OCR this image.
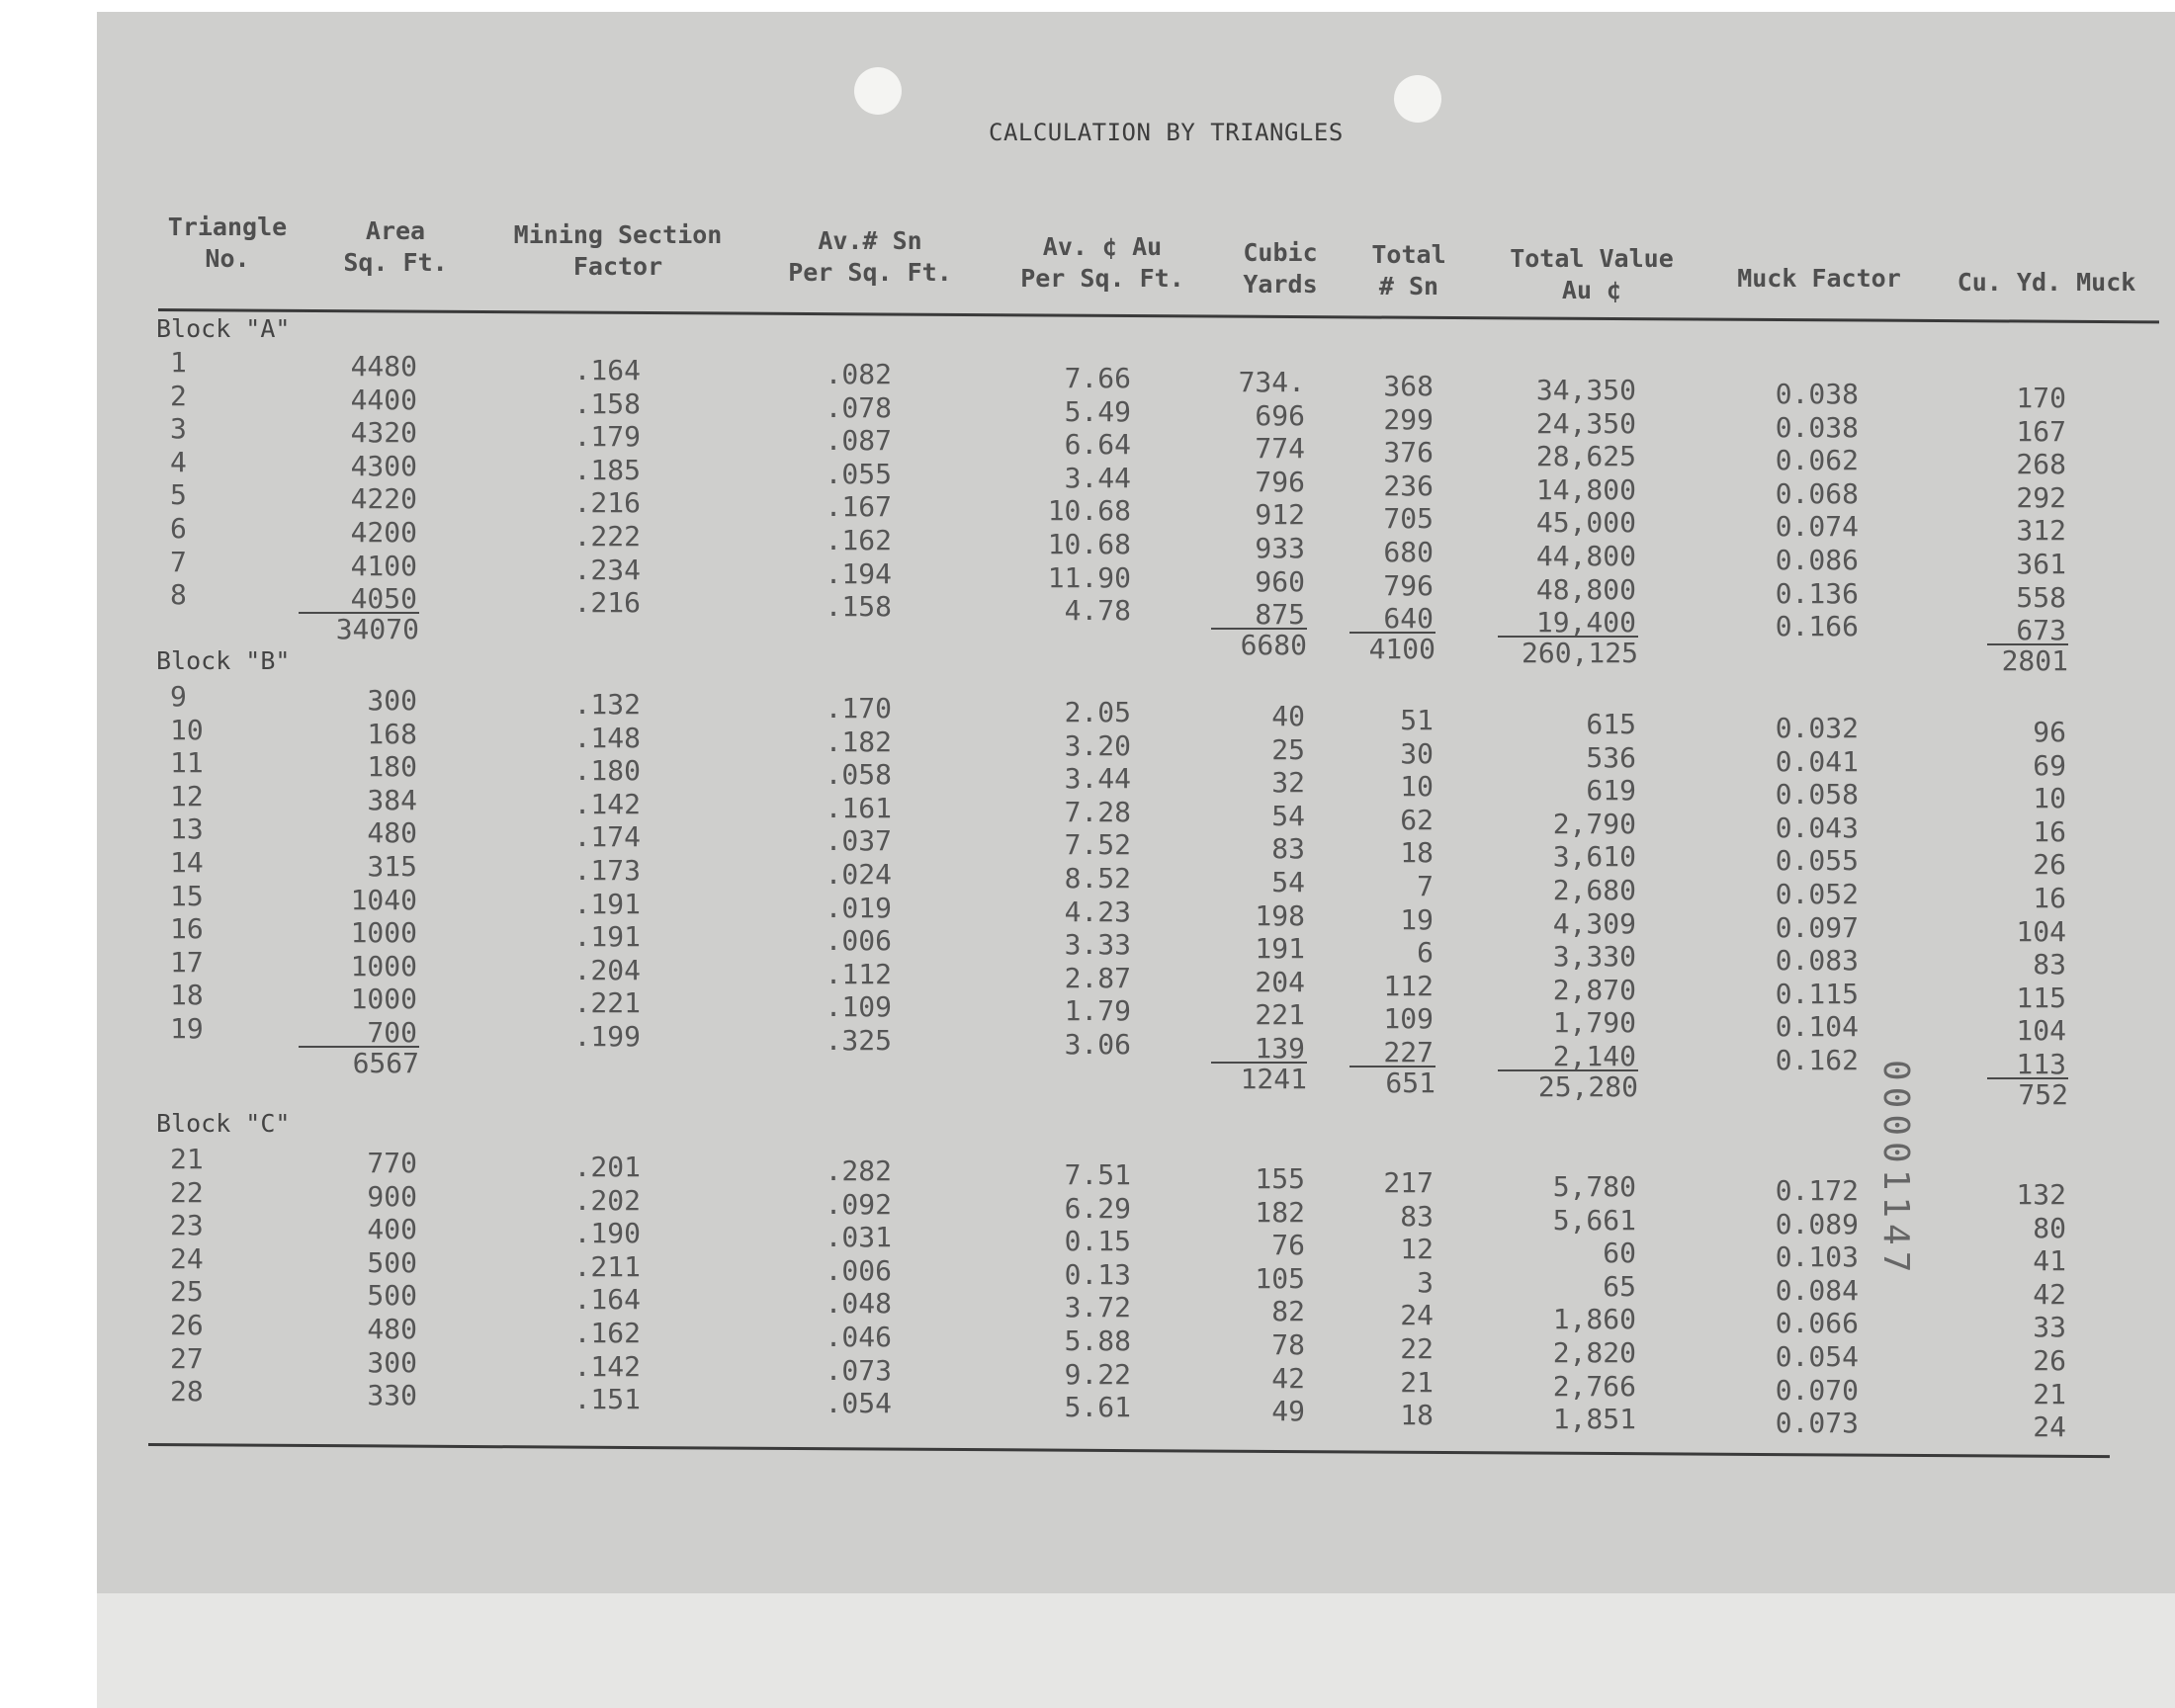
CALCULATION BY TRIANGLES
Triangle
No.
Area
Sq. Ft.
Mining Section
Factor
Av.# Sn
Per Sq. Ft.
Av. ¢ Au
Per Sq. Ft.
Cubic
Yards
Total
# Sn
Total Value
Au ¢	Muck Factor	Cu. Yd. Muck
Block "A"
1
2
3
4
5
6
7
8
4480
4400
4320
4300
4220
4200
4100
4050
34070
.164
.158
.179
.185
.216
.222
.234
.216
.082
.078
.087
.055
.167
.162
.194
.158
7.66
5.49
6.64
3.44
10.68
10.68
11.90
4.78
734.
696
774
796
912
933
960
875
6680
368
299
376
236
705
680
796
640
4100
34,350
24,350
28,625
14,800
45,000
44,800
48,800
19,400
260,125
0.038
0.038
0.062
0.068
0.074
0.086
0.136
0.166
170
167
268
292
312
361
558
673
2801
Block "B"
9
10
11
12
13
14
15
16
17
18
19
300
168
180
384
480
315
1040
1000
1000
1000
700
6567
.132
.148
.180
.142
.174
.173
.191
.191
.204
.221
.199
.170
.182
.058
.161
.037
.024
.019
.006
.112
.109
.325
2.05
3.20
3.44
7.28
7.52
8.52
4.23
3.33
2.87
1.79
3.06
40
25
32
54
83
54
198
191
204
221
139
1241
51
30
10
62
18
7
19
6
112
109
227
651
615
536
619
2,790
3,610
2,680
4,309
3,330
2,870
1,790
2,140
25,280
0.032
0.041
0.058
0.043
0.055
0.052
0.097
0.083
0.115
0.104
0.162
96
69
10
16
26
16
104
83
115
104
113
752
Block "C"
21
22
23
24
25
26
27
28
770
900
400
500
500
480
300
330
.201
.202
.190
.211
.164
.162
.142
.151
.282
.092
.031
.006
.048
.046
.073
.054
7.51
6.29
0.15
0.13
3.72
5.88
9.22
5.61
155
182
76
105
82
78
42
49
217
83
12
3
24
22
21
18
5,780
5,661
60
65
1,860
2,820
2,766
1,851
0.172
0.089
0.103
0.084
0.066
0.054
0.070
0.073
132
80
41
42
33
26
21
24
00001147
